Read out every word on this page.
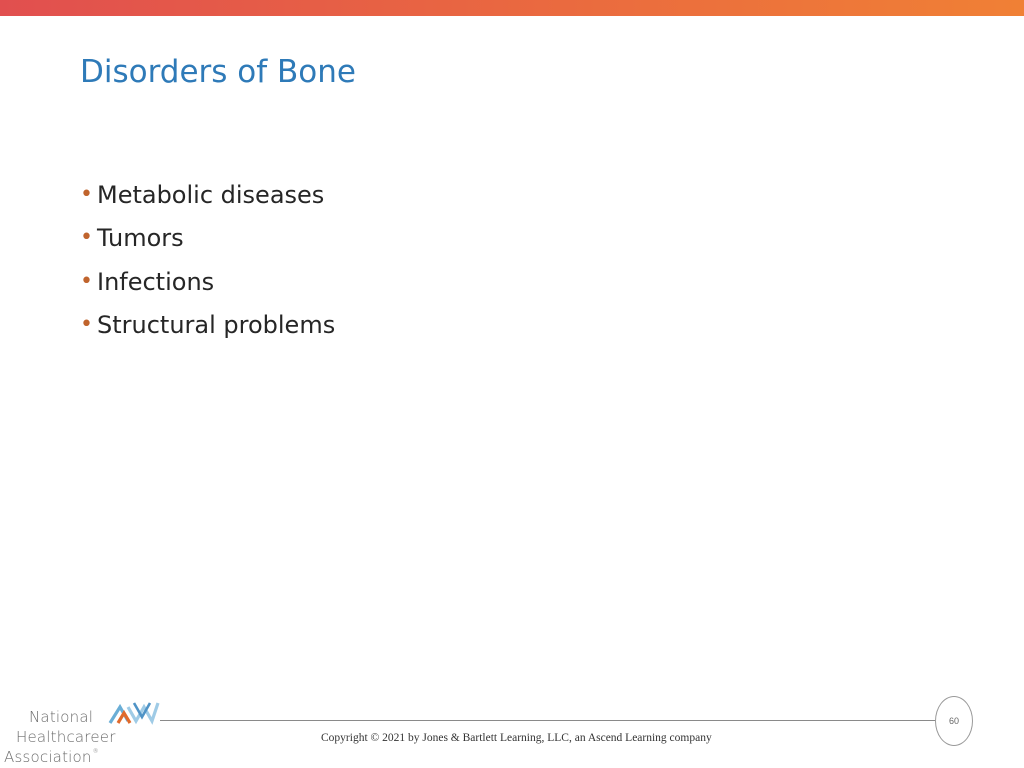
Disorders of Bone
• Metabolic diseases
• Tumors
• Infections
• Structural problems
National
Healthcareer
Association®
Copyright © 2021 by Jones & Bartlett Learning, LLC, an Ascend Learning company
60
